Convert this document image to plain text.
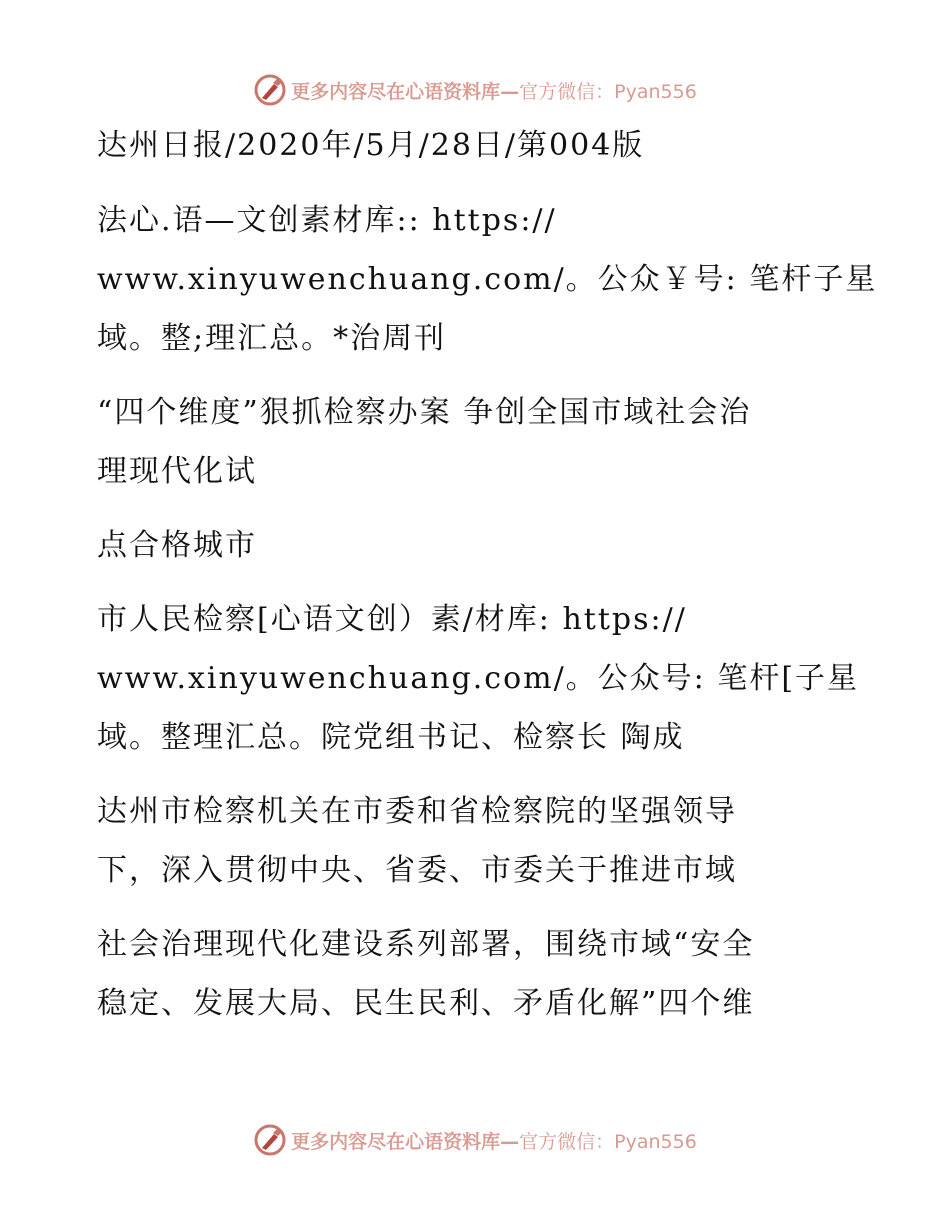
更多内容尽在心语资料库—官方微信：Pyan556
达州日报/2020年/5月/28日/第004版
法心.语—文创素材库:: https://
www.xinyuwenchuang.com/。公众￥号: 笔杆子星
域。整;理汇总。*治周刊
“四个维度”狠抓检察办案 争创全国市域社会治
理现代化试
点合格城市
市人民检察[心语文创）素/材库: https://
www.xinyuwenchuang.com/。公众号: 笔杆[子星
域。整理汇总。院党组书记、检察长 陶成
达州市检察机关在市委和省检察院的坚强领导
下，深入贯彻中央、省委、市委关于推进市域
社会治理现代化建设系列部署，围绕市域“安全
稳定、发展大局、民生民利、矛盾化解”四个维
更多内容尽在心语资料库—官方微信：Pyan556
